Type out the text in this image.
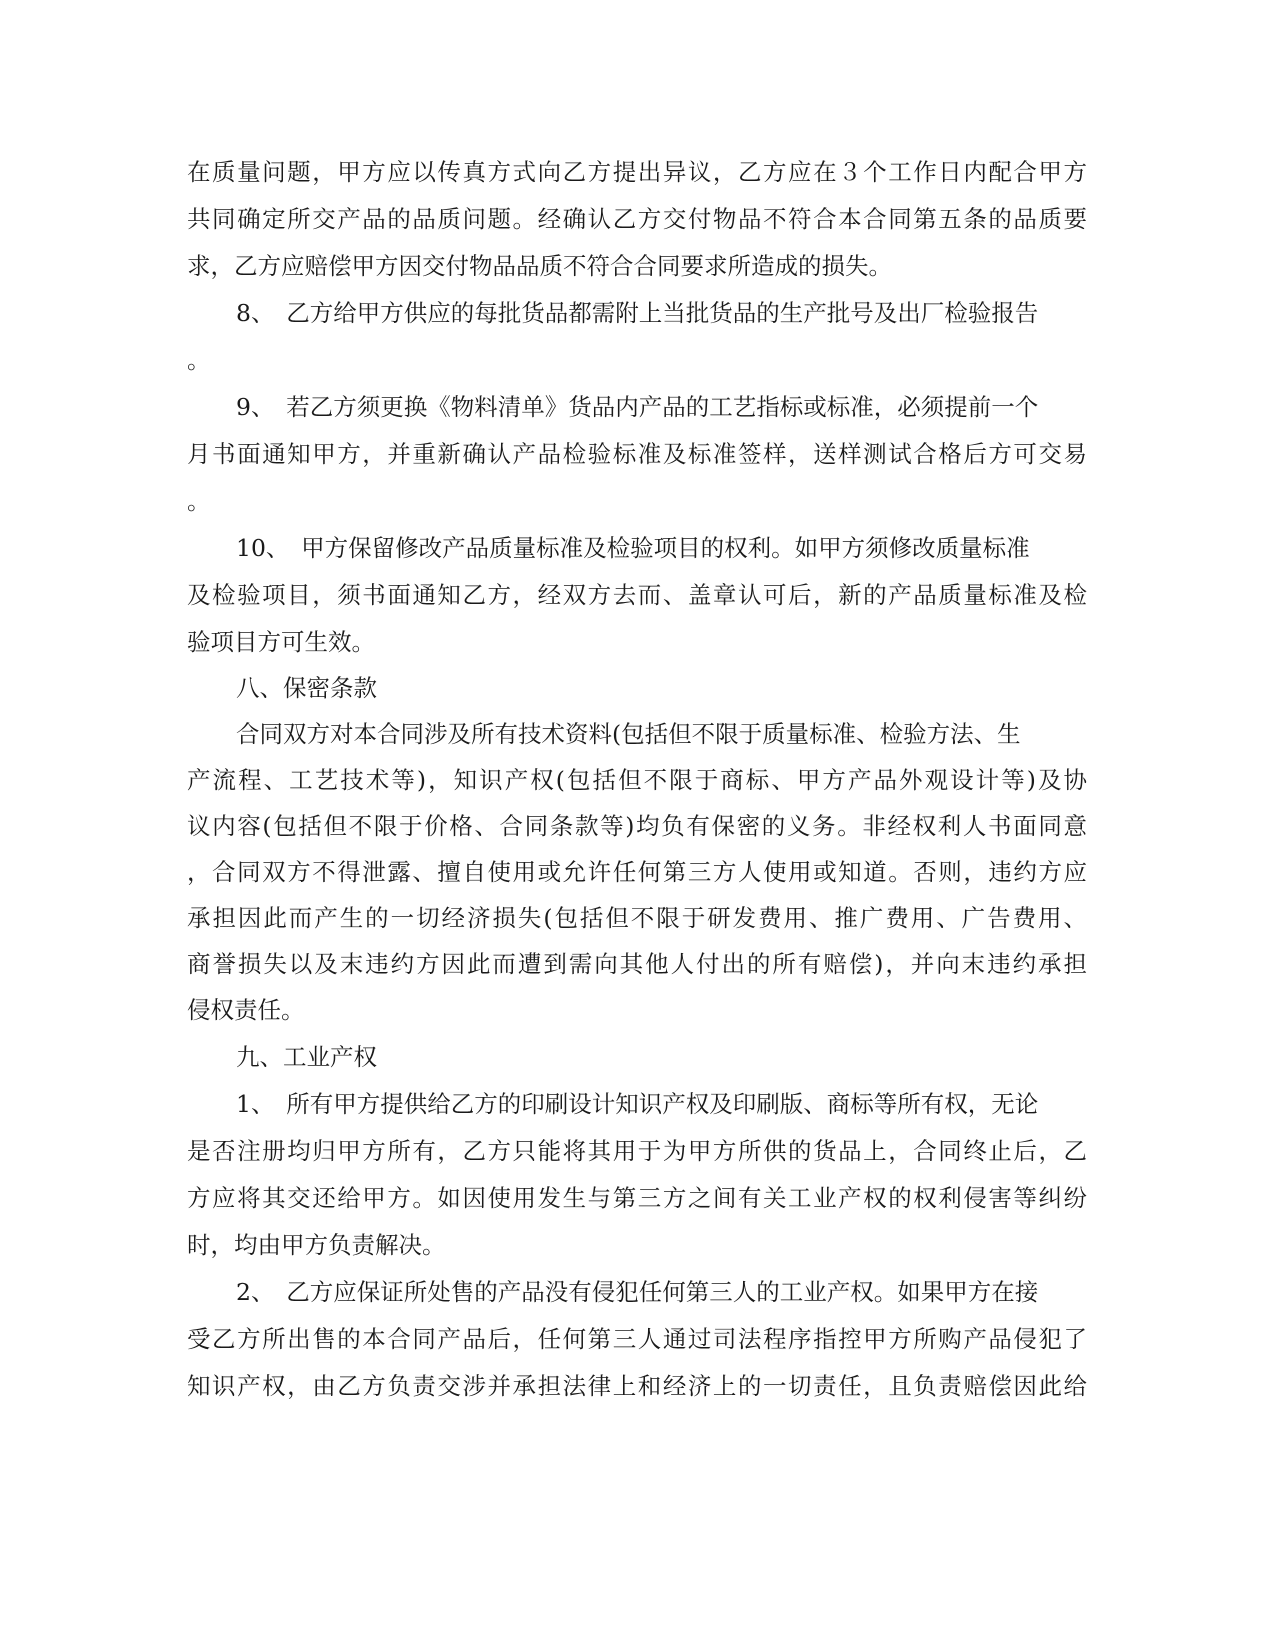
在质量问题，甲方应以传真方式向乙方提出异议，乙方应在３个工作日内配合甲方
共同确定所交产品的品质问题。经确认乙方交付物品不符合本合同第五条的品质要
求，乙方应赔偿甲方因交付物品品质不符合合同要求所造成的损失。
8、　乙方给甲方供应的每批货品都需附上当批货品的生产批号及出厂检验报告
。
9、　若乙方须更换《物料清单》货品内产品的工艺指标或标准，必须提前一个
月书面通知甲方，并重新确认产品检验标准及标准签样，送样测试合格后方可交易
。
10、　甲方保留修改产品质量标准及检验项目的权利。如甲方须修改质量标准
及检验项目，须书面通知乙方，经双方去而、盖章认可后，新的产品质量标准及检
验项目方可生效。
八、保密条款
合同双方对本合同涉及所有技术资料(包括但不限于质量标准、检验方法、生
产流程、工艺技术等)，知识产权(包括但不限于商标、甲方产品外观设计等)及协
议内容(包括但不限于价格、合同条款等)均负有保密的义务。非经权利人书面同意
，合同双方不得泄露、擅自使用或允许任何第三方人使用或知道。否则，违约方应
承担因此而产生的一切经济损失(包括但不限于研发费用、推广费用、广告费用、
商誉损失以及末违约方因此而遭到需向其他人付出的所有赔偿)，并向末违约承担
侵权责任。
九、工业产权
1、　所有甲方提供给乙方的印刷设计知识产权及印刷版、商标等所有权，无论
是否注册均归甲方所有，乙方只能将其用于为甲方所供的货品上，合同终止后，乙
方应将其交还给甲方。如因使用发生与第三方之间有关工业产权的权利侵害等纠纷
时，均由甲方负责解决。
2、　乙方应保证所处售的产品没有侵犯任何第三人的工业产权。如果甲方在接
受乙方所出售的本合同产品后，任何第三人通过司法程序指控甲方所购产品侵犯了
知识产权，由乙方负责交涉并承担法律上和经济上的一切责任，且负责赔偿因此给
